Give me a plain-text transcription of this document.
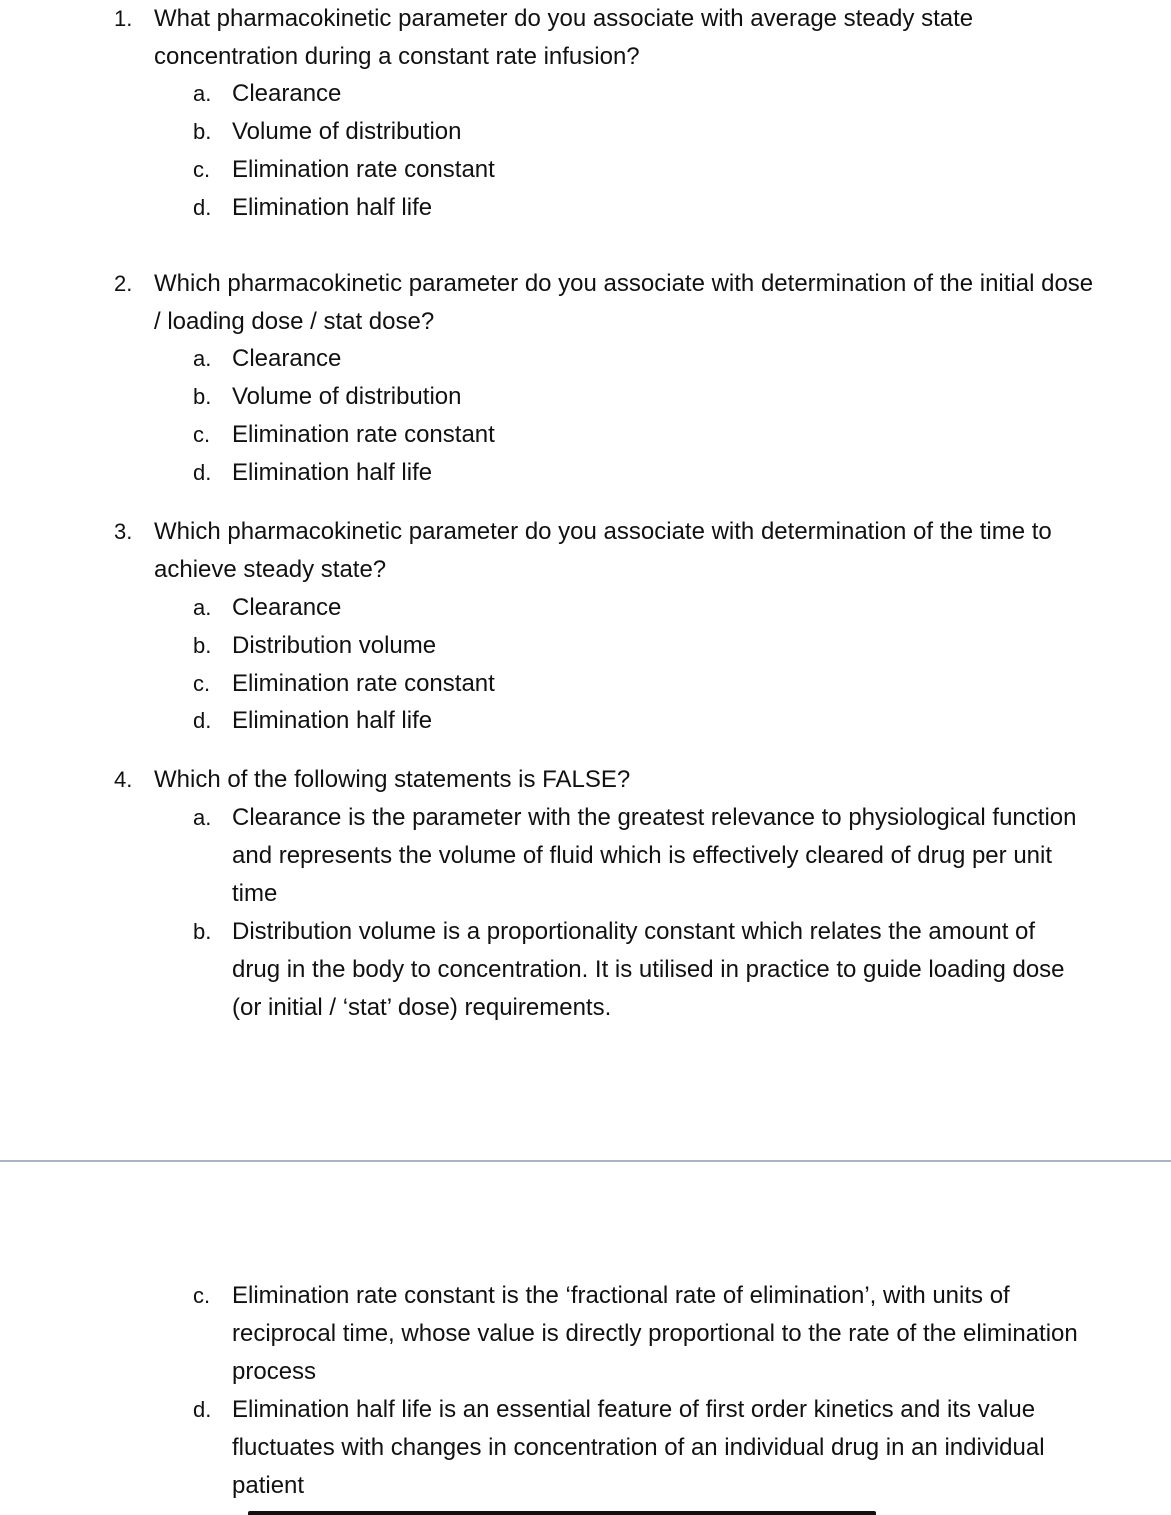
1. What pharmacokinetic parameter do you associate with average steady state concentration during a constant rate infusion?
a. Clearance
b. Volume of distribution
c. Elimination rate constant
d. Elimination half life
2. Which pharmacokinetic parameter do you associate with determination of the initial dose / loading dose / stat dose?
a. Clearance
b. Volume of distribution
c. Elimination rate constant
d. Elimination half life
3. Which pharmacokinetic parameter do you associate with determination of the time to achieve steady state?
a. Clearance
b. Distribution volume
c. Elimination rate constant
d. Elimination half life
4. Which of the following statements is FALSE?
a. Clearance is the parameter with the greatest relevance to physiological function and represents the volume of fluid which is effectively cleared of drug per unit time
b. Distribution volume is a proportionality constant which relates the amount of drug in the body to concentration. It is utilised in practice to guide loading dose (or initial / ‘stat’ dose) requirements.
c. Elimination rate constant is the ‘fractional rate of elimination’, with units of reciprocal time, whose value is directly proportional to the rate of the elimination process
d. Elimination half life is an essential feature of first order kinetics and its value fluctuates with changes in concentration of an individual drug in an individual patient
